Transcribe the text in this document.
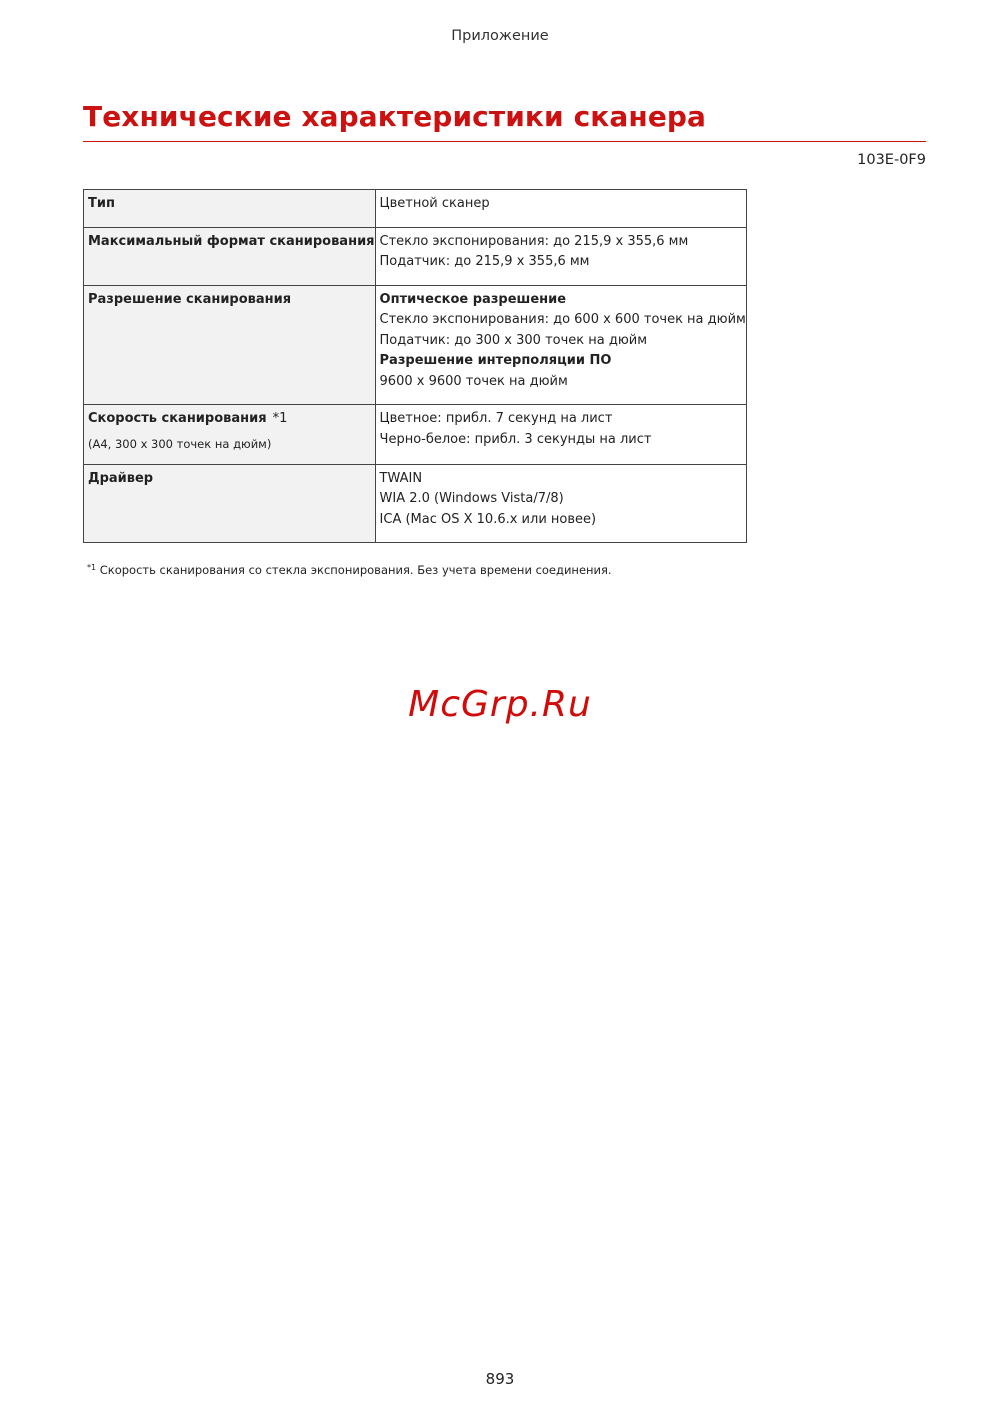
Приложение
Технические характеристики сканера
103E-0F9
Тип	Цветной сканер

Максимальный формат сканирования	Стекло экспонирования: до 215,9 x 355,6 мм
Податчик: до 215,9 x 355,6 мм

Разрешение сканирования	Оптическое разрешение
Стекло экспонирования: до 600 x 600 точек на дюйм
Податчик: до 300 x 300 точек на дюйм
Разрешение интерполяции ПО
9600 x 9600 точек на дюйм

Скорость сканирования *1
(A4, 300 x 300 точек на дюйм)	Цветное: прибл. 7 секунд на лист
Черно-белое: прибл. 3 секунды на лист

Драйвер	TWAIN
WIA 2.0 (Windows Vista/7/8)
ICA (Mac OS X 10.6.x или новее)
$^{*1}$ Скорость сканирования со стекла экспонирования. Без учета времени соединения.
McGrp.Ru
893
